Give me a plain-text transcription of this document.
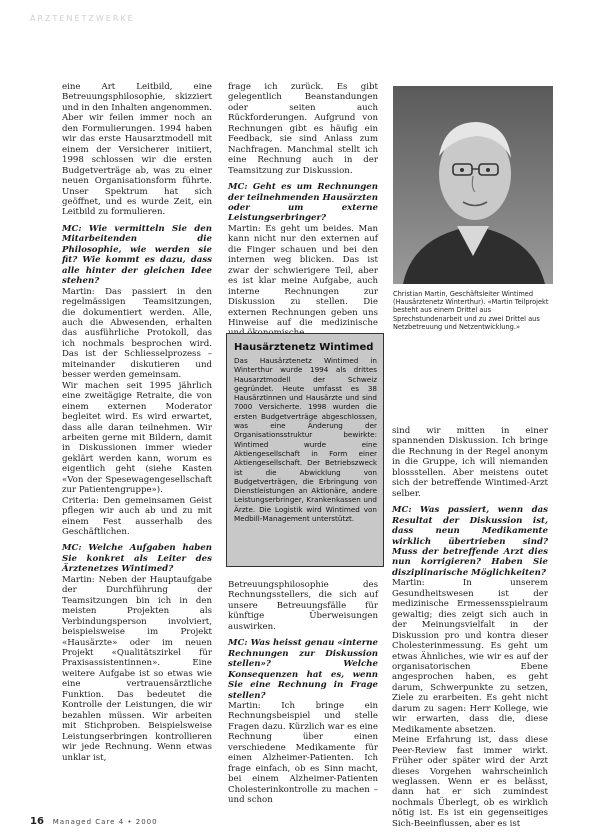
ÄRZTENETZWERKE

eine Art Leitbild, eine Betreuungsphilosophie, skizziert und in den Inhalten angenommen. Aber wir feilen immer noch an den Formulierungen. 1994 haben wir das erste Hausarztmodell mit einem der Versicherer initiiert, 1998 schlossen wir die ersten Budgetverträge ab, was zu einer neuen Organisationsform führte. Unser Spektrum hat sich geöffnet, und es wurde Zeit, ein Leitbild zu formulieren.

MC: Wie vermitteln Sie den Mitarbeitenden die Philosophie, wie werden sie fit? Wie kommt es dazu, dass alle hinter der gleichen Idee stehen?

Martin: Das passiert in den regelmässigen Teamsitzungen, die dokumentiert werden. Alle, auch die Abwesenden, erhalten das ausführliche Protokoll, das ich nochmals besprochen wird. Das ist der Schliesselprozess – miteinander diskutieren und besser werden gemeinsam.

Wir machen seit 1995 jährlich eine zweitägige Retraite, die von einem externen Moderator begleitet wird. Es wird erwartet, dass alle daran teilnehmen. Wir arbeiten gerne mit Bildern, damit in Diskussionen immer wieder geklärt werden kann, worum es eigentlich geht (siehe Kasten «Von der Spesewagengesellschaft zur Patientengruppe»).

Criteria: Den gemeinsamen Geist pflegen wir auch ab und zu mit einem Fest ausserhalb des Geschäftlichen.

MC: Welche Aufgaben haben Sie konkret als Leiter des Ärztenetzes Wintimed?

Martin: Neben der Hauptaufgabe der Durchführung der Teamsitzungen bin ich in den meisten Projekten als Verbindungsperson involviert, beispielsweise im Projekt «Hausärzte» oder im neuen Projekt «Qualitätszirkel für Praxisassistentinnen». Eine weitere Aufgabe ist so etwas wie eine vertrauensärztliche Funktion. Das bedeutet die Kontrolle der Leistungen, die wir bezahlen müssen. Wir arbeiten mit Stichproben. Beispielsweise Leistungserbringen kontrollieren wir jede Rechnung. Wenn etwas unklar ist,

frage ich zurück. Es gibt gelegentlich Beanstandungen oder seiten auch Rückforderungen. Aufgrund von Rechnungen gibt es häufig ein Feedback, sie sind Anlass zum Nachfragen. Manchmal stellt ich eine Rechnung auch in der Teamsitzung zur Diskussion.

MC: Geht es um Rechnungen der teilnehmenden Hausärzten oder um externe Leistungserbringer?

Martin: Es geht um beides. Man kann nicht nur den externen auf die Finger schauen und bei den internen weg blicken. Das ist zwar der schwierigere Teil, aber es ist klar meine Aufgabe, auch interne Rechnungen zur Diskussion zu stellen. Die externen Rechnungen geben uns Hinweise auf die medizinische

Hausärztenetz Wintimed
Das Hausärztenetz Wintimed in Winterthur wurde 1994 als drittes Hausarztmodell der Schweiz gegründet. Heute umfasst es 38 Hausärztinnen und Hausärzte und sind 7000 Versicherte. 1998 wurden die ersten Budgetverträge abgeschlossen, was eine Änderung der Organisationsstruktur bewirkte: Wintimed wurde eine Aktiengesellschaft in Form einer Aktiengesellschaft. Der Betriebszweck ist die Abwicklung von Budgetverträgen, die Erbringung von Dienstleistungen an Aktionäre, andere Leistungserbringer, Krankenkassen und Ärzte. Die Logistik wird Wintimed von Medbill-Management unterstützt.

Betreuungsphilosophie des Rechnungsstellers, die sich auf unsere Betreuungsfälle für künftige Überweisungen auswirken.

MC: Was heisst genau «interne Rechnungen zur Diskussion stellen»? Welche Konsequenzen hat es, wenn Sie eine Rechnung in Frage stellen?

Martin: Ich bringe ein Rechnungsbeispiel und stelle Fragen dazu. Kürzlich war es eine Rechnung über einen verschiedene Medikamente für einen Alzheimer-Patienten. Ich frage einfach, ob es Sinn macht, bei einem Alzheimer-Patienten Cholesterinkontrolle zu machen – und schon

Christian Martin, Geschäftsleiter Wintimed (Hausärztenetz Winterthur). «Martin Teilprojekt besteht aus einem Drittel aus Sprechstundenarbeit und zu zwei Drittel aus Netzbetreuung und Netzentwicklung.»

sind wir mitten in einer spannenden Diskussion. Ich bringe die Rechnung in der Regel anonym in die Gruppe, ich will niemanden blossstellen. Aber meistens outet sich der betreffende Wintimed-Arzt selber.

MC: Was passiert, wenn das Resultat der Diskussion ist, dass neun Medikamente wirklich übertrieben sind? Muss der betreffende Arzt dies nun korrigieren? Haben Sie disziplinarische Möglichkeiten?

Martin: In unserem Gesundheitswesen ist der medizinische Ermessensspielraum gewaltig; dies zeigt sich auch in der Meinungsvielfalt in der Diskussion pro und kontra dieser Cholesterinmessung. Es geht um etwas Ähnliches, wie wir es auf der organisatorischen Ebene angesprochen haben, es geht darum, Schwerpunkte zu setzen, Ziele zu erarbeiten. Es geht nicht darum zu sagen: Herr Kollege, wie wir erwarten, dass die, diese Medikamente absetzen.

Meine Erfahrung ist, dass diese Peer-Review fast immer wirkt. Früher oder später wird der Arzt dieses Vorgehen wahrscheinlich weglassen. Wenn er es belässt, dann hat er sich zumindest nochmals Überlegt, ob es wirklich nötig ist. Es ist ein gegenseitiges Sich-Beeinflussen, aber es ist

16 Managed Care 4 • 2000
